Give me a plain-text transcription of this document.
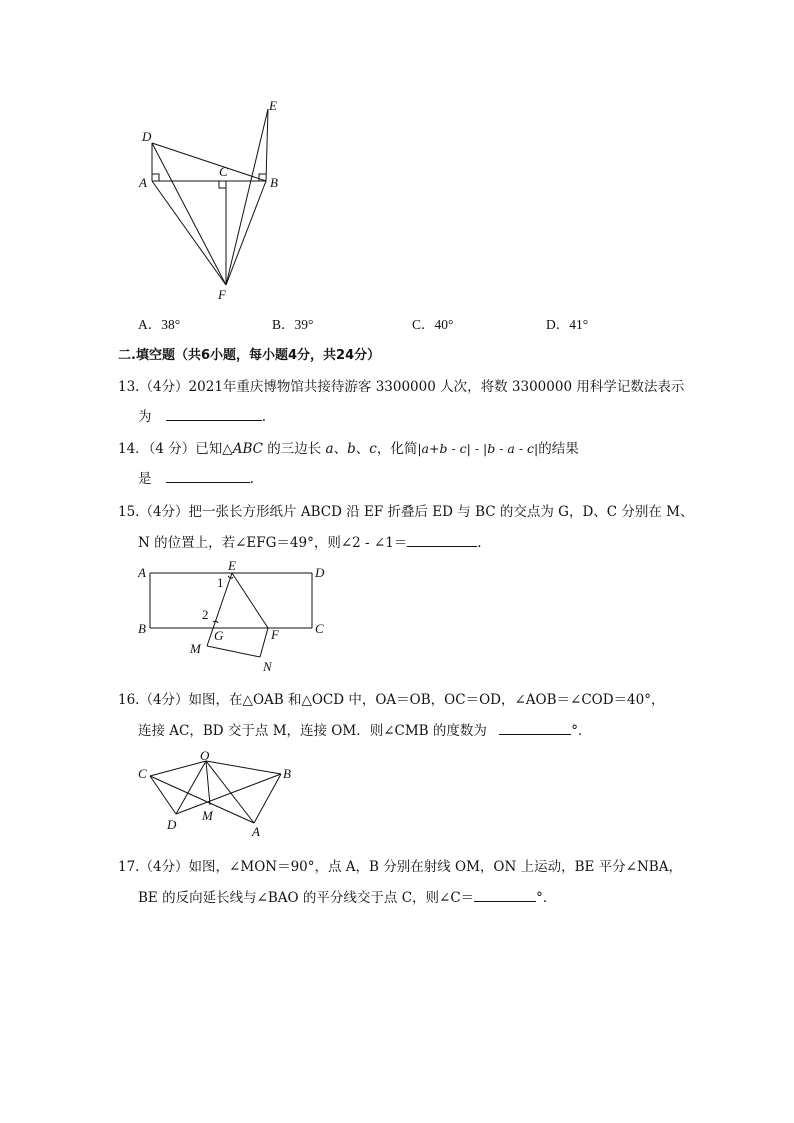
D
E
C
A	B
F
A．38°	B．39°	C．40°	D．41°
二.填空题（共6小题，每小题4分，共24分）
13.（4分）2021年重庆博物馆共接待游客 3300000 人次，将数 3300000 用科学记数法表示
为	.
14．（4 分）已知△ABC 的三边长 a、b、c，化简|a+b - c| - |b - a - c|的结果
是	.
15.（4分）把一张长方形纸片 ABCD 沿 EF 折叠后 ED 与 BC 的交点为 G，D、C 分别在 M、
N 的位置上，若∠EFG＝49°，则∠2 - ∠1＝	.
A	E	D
1
2
B	G	F	C
M
N
16.（4分）如图，在△OAB 和△OCD 中，OA＝OB，OC＝OD，∠AOB＝∠COD＝40°，
连接 AC，BD 交于点 M，连接 OM．则∠CMB 的度数为	°．
O
C	B
D
M
A
17.（4分）如图，∠MON＝90°，点 A，B 分别在射线 OM，ON 上运动，BE 平分∠NBA，
BE 的反向延长线与∠BAO 的平分线交于点 C，则∠C＝	°．
